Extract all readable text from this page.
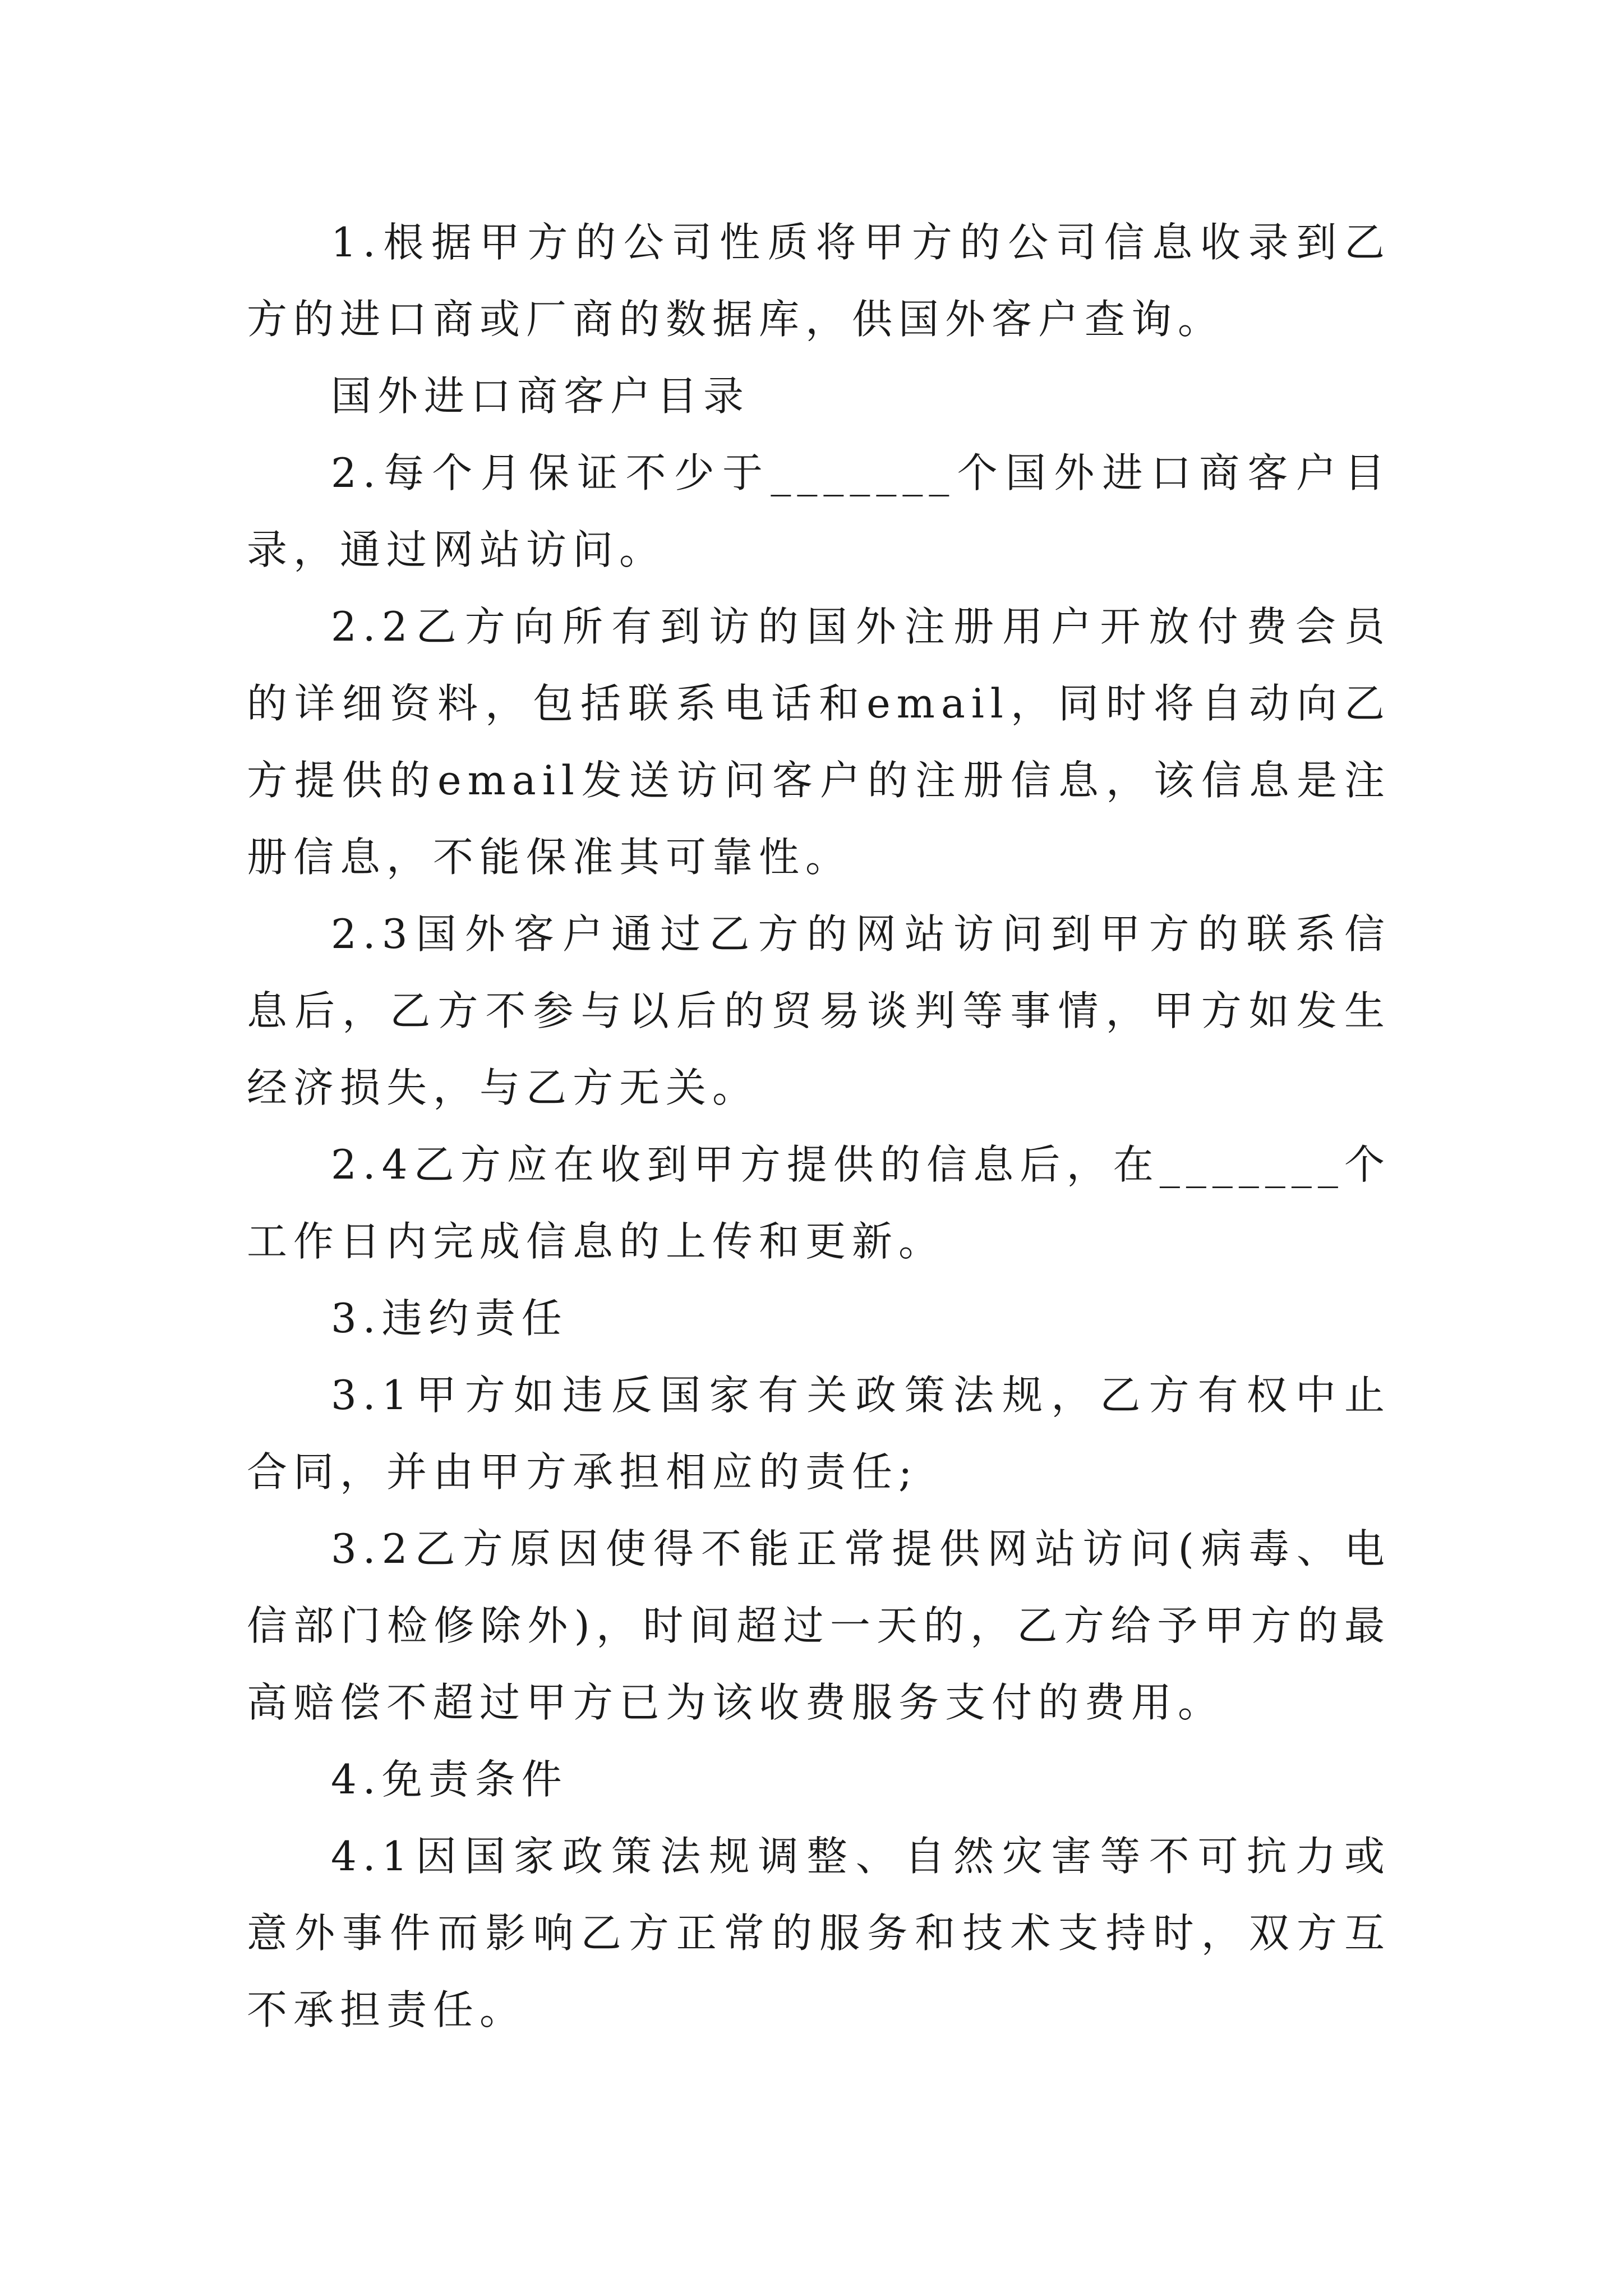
1.根据甲方的公司性质将甲方的公司信息收录到乙方的进口商或厂商的数据库，供国外客户查询。

国外进口商客户目录

2.每个月保证不少于_______个国外进口商客户目录，通过网站访问。

2.2乙方向所有到访的国外注册用户开放付费会员的详细资料，包括联系电话和email，同时将自动向乙方提供的email发送访问客户的注册信息，该信息是注册信息，不能保准其可靠性。

2.3国外客户通过乙方的网站访问到甲方的联系信息后，乙方不参与以后的贸易谈判等事情，甲方如发生经济损失，与乙方无关。

2.4乙方应在收到甲方提供的信息后，在_______个工作日内完成信息的上传和更新。

3.违约责任

3.1甲方如违反国家有关政策法规，乙方有权中止合同，并由甲方承担相应的责任;

3.2乙方原因使得不能正常提供网站访问(病毒、电信部门检修除外)，时间超过一天的，乙方给予甲方的最高赔偿不超过甲方已为该收费服务支付的费用。

4.免责条件

4.1因国家政策法规调整、自然灾害等不可抗力或意外事件而影响乙方正常的服务和技术支持时，双方互不承担责任。
